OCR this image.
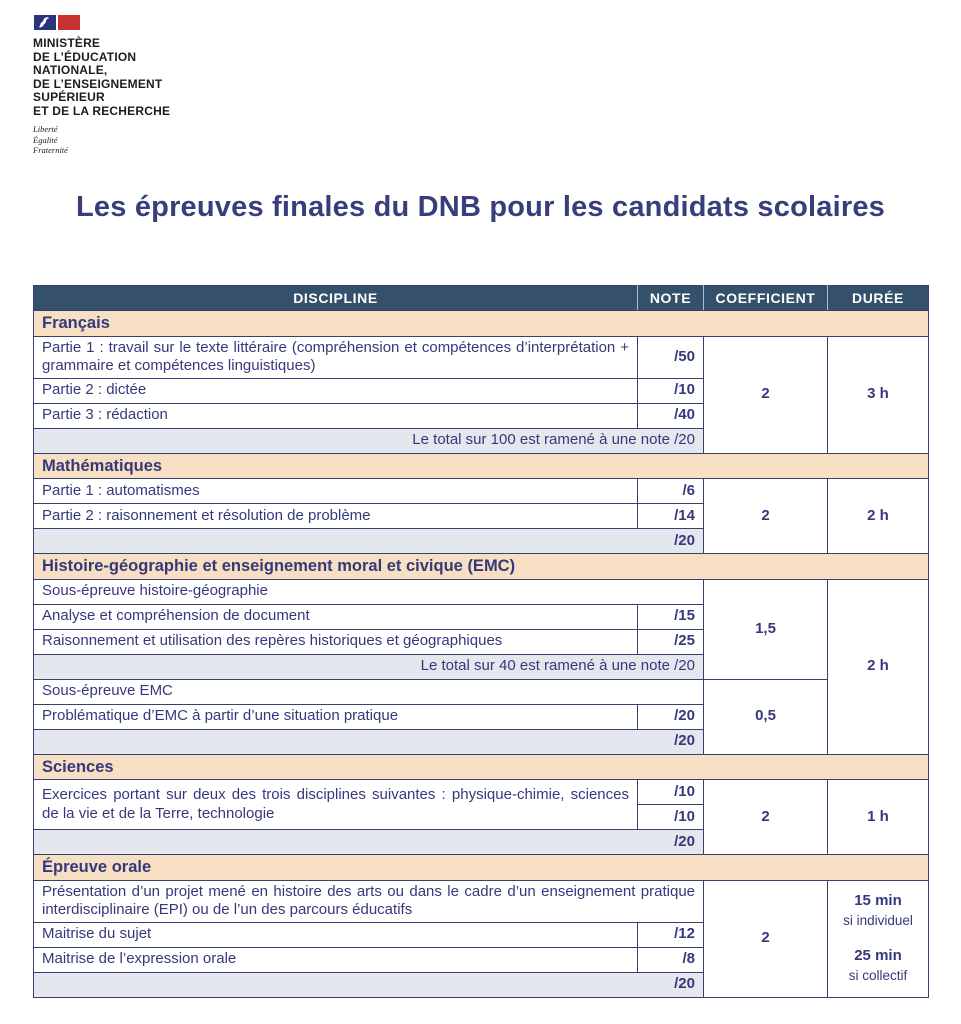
MINISTÈRE
DE L’ÉDUCATION
NATIONALE,
DE L’ENSEIGNEMENT
SUPÉRIEUR
ET DE LA RECHERCHE
Liberté
Égalité
Fraternité
Les épreuves finales du DNB pour les candidats scolaires
DISCIPLINE	NOTE	COEFFICIENT	DURÉE
Français			
Partie 1 : travail sur le texte littéraire (compréhension et compétences d’interprétation + grammaire et compétences linguistiques)	/50	2	3 h
Partie 2 : dictée	/10		
Partie 3 : rédaction	/40		
Le total sur 100 est ramené à une note /20			
Mathématiques			
Partie 1 : automatismes	/6	2	2 h
Partie 2 : raisonnement et résolution de problème	/14		
/20			
Histoire-géographie et enseignement moral et civique (EMC)			
Sous-épreuve histoire-géographie		1,5	2 h
Analyse et compréhension de document	/15		
Raisonnement et utilisation des repères historiques et géographiques	/25		
Le total sur 40 est ramené à une note /20			
Sous-épreuve EMC		0,5	
Problématique d’EMC à partir d’une situation pratique	/20		
/20			
Sciences			
Exercices portant sur deux des trois disciplines suivantes : physique-chimie, sciences de la vie et de la Terre, technologie	/10	2	1 h
	/10		
/20			
Épreuve orale			
Présentation d’un projet mené en histoire des arts ou dans le cadre d’un enseignement pratique interdisciplinaire (EPI) ou de l’un des parcours éducatifs		2	15 min
si individuel
25 min
si collectif

Maitrise du sujet	/12		
Maitrise de l’expression orale	/8		
/20			
